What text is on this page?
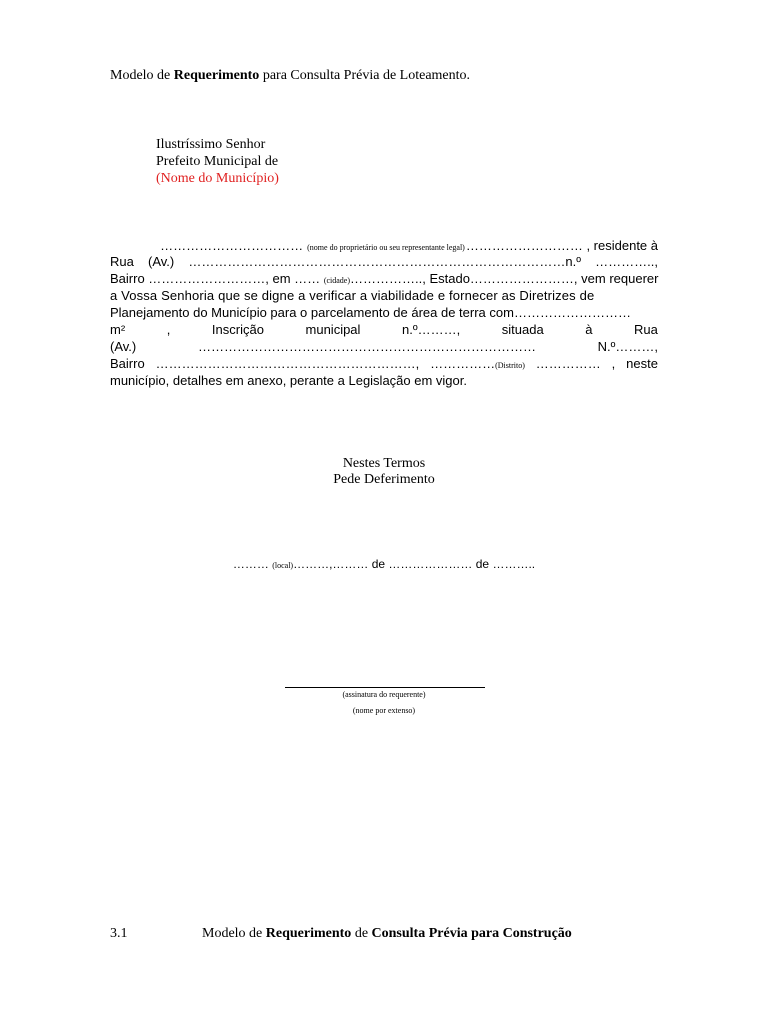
Modelo de Requerimento para Consulta Prévia de Loteamento.
Ilustríssimo Senhor
Prefeito Municipal de
(Nome do Município)
…………………………… (nome do proprietário ou seu representante legal) ……………………… , residente à
Rua (Av.) ……………………………………………………………………………n.º …………..,
Bairro ………………………, em …… (cidade)…………….., Estado……………………, vem requerer
a Vossa Senhoria que se digne a verificar a viabilidade e fornecer as Diretrizes de
Planejamento do Município para o parcelamento de área de terra com………………………
m²	,	Inscrição	municipal	n.º………,	situada	à	Rua
(Av.)	……………………………………………………………………	N.º………,
Bairro ……………………………………………………, ……………(Distrito) …………… , neste
município, detalhes em anexo, perante a Legislação em vigor.
Nestes Termos
Pede Deferimento
……… (local)………,……… de ………………… de ………..
(assinatura do requerente)
(nome por extenso)
3.1	Modelo de Requerimento de Consulta Prévia para Construção
